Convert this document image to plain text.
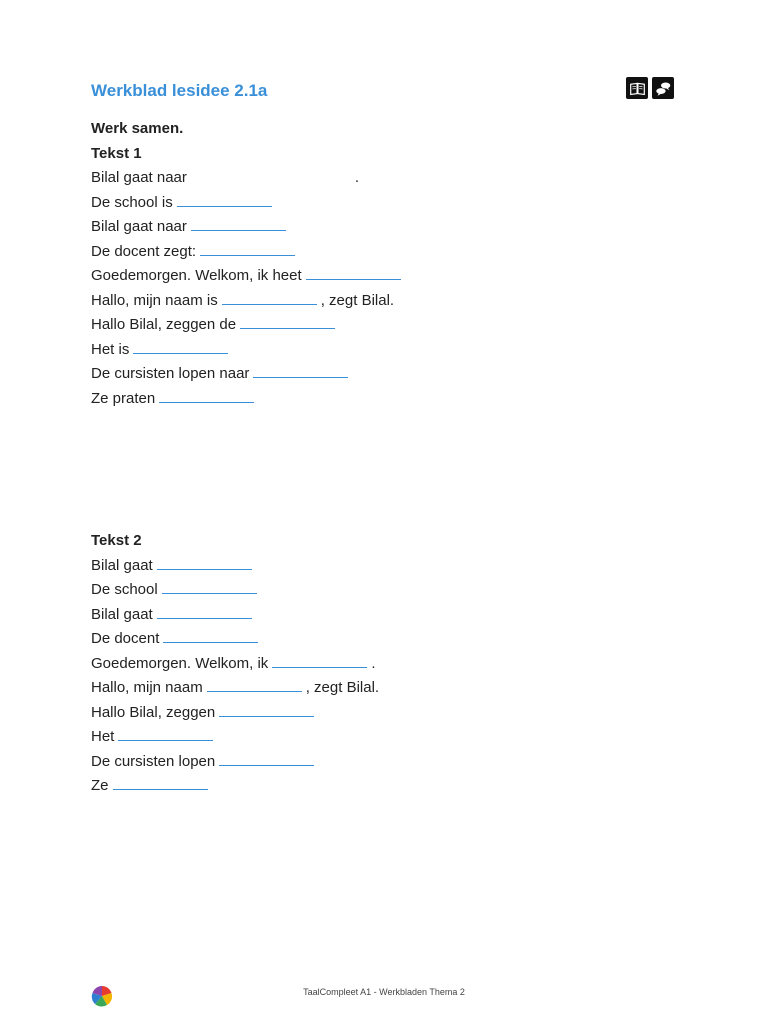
Werkblad lesidee 2.1a
Werk samen.
Tekst 1
Bilal gaat naar	.
De school is
Bilal gaat naar
De docent zegt:
Goedemorgen. Welkom, ik heet
Hallo, mijn naam is	, zegt Bilal.
Hallo Bilal, zeggen de
Het is
De cursisten lopen naar
Ze praten
Tekst 2
Bilal gaat
De school
Bilal gaat
De docent
Goedemorgen. Welkom, ik	.
Hallo, mijn naam	, zegt Bilal.
Hallo Bilal, zeggen
Het
De cursisten lopen
Ze
TaalCompleet A1 - Werkbladen Thema 2
